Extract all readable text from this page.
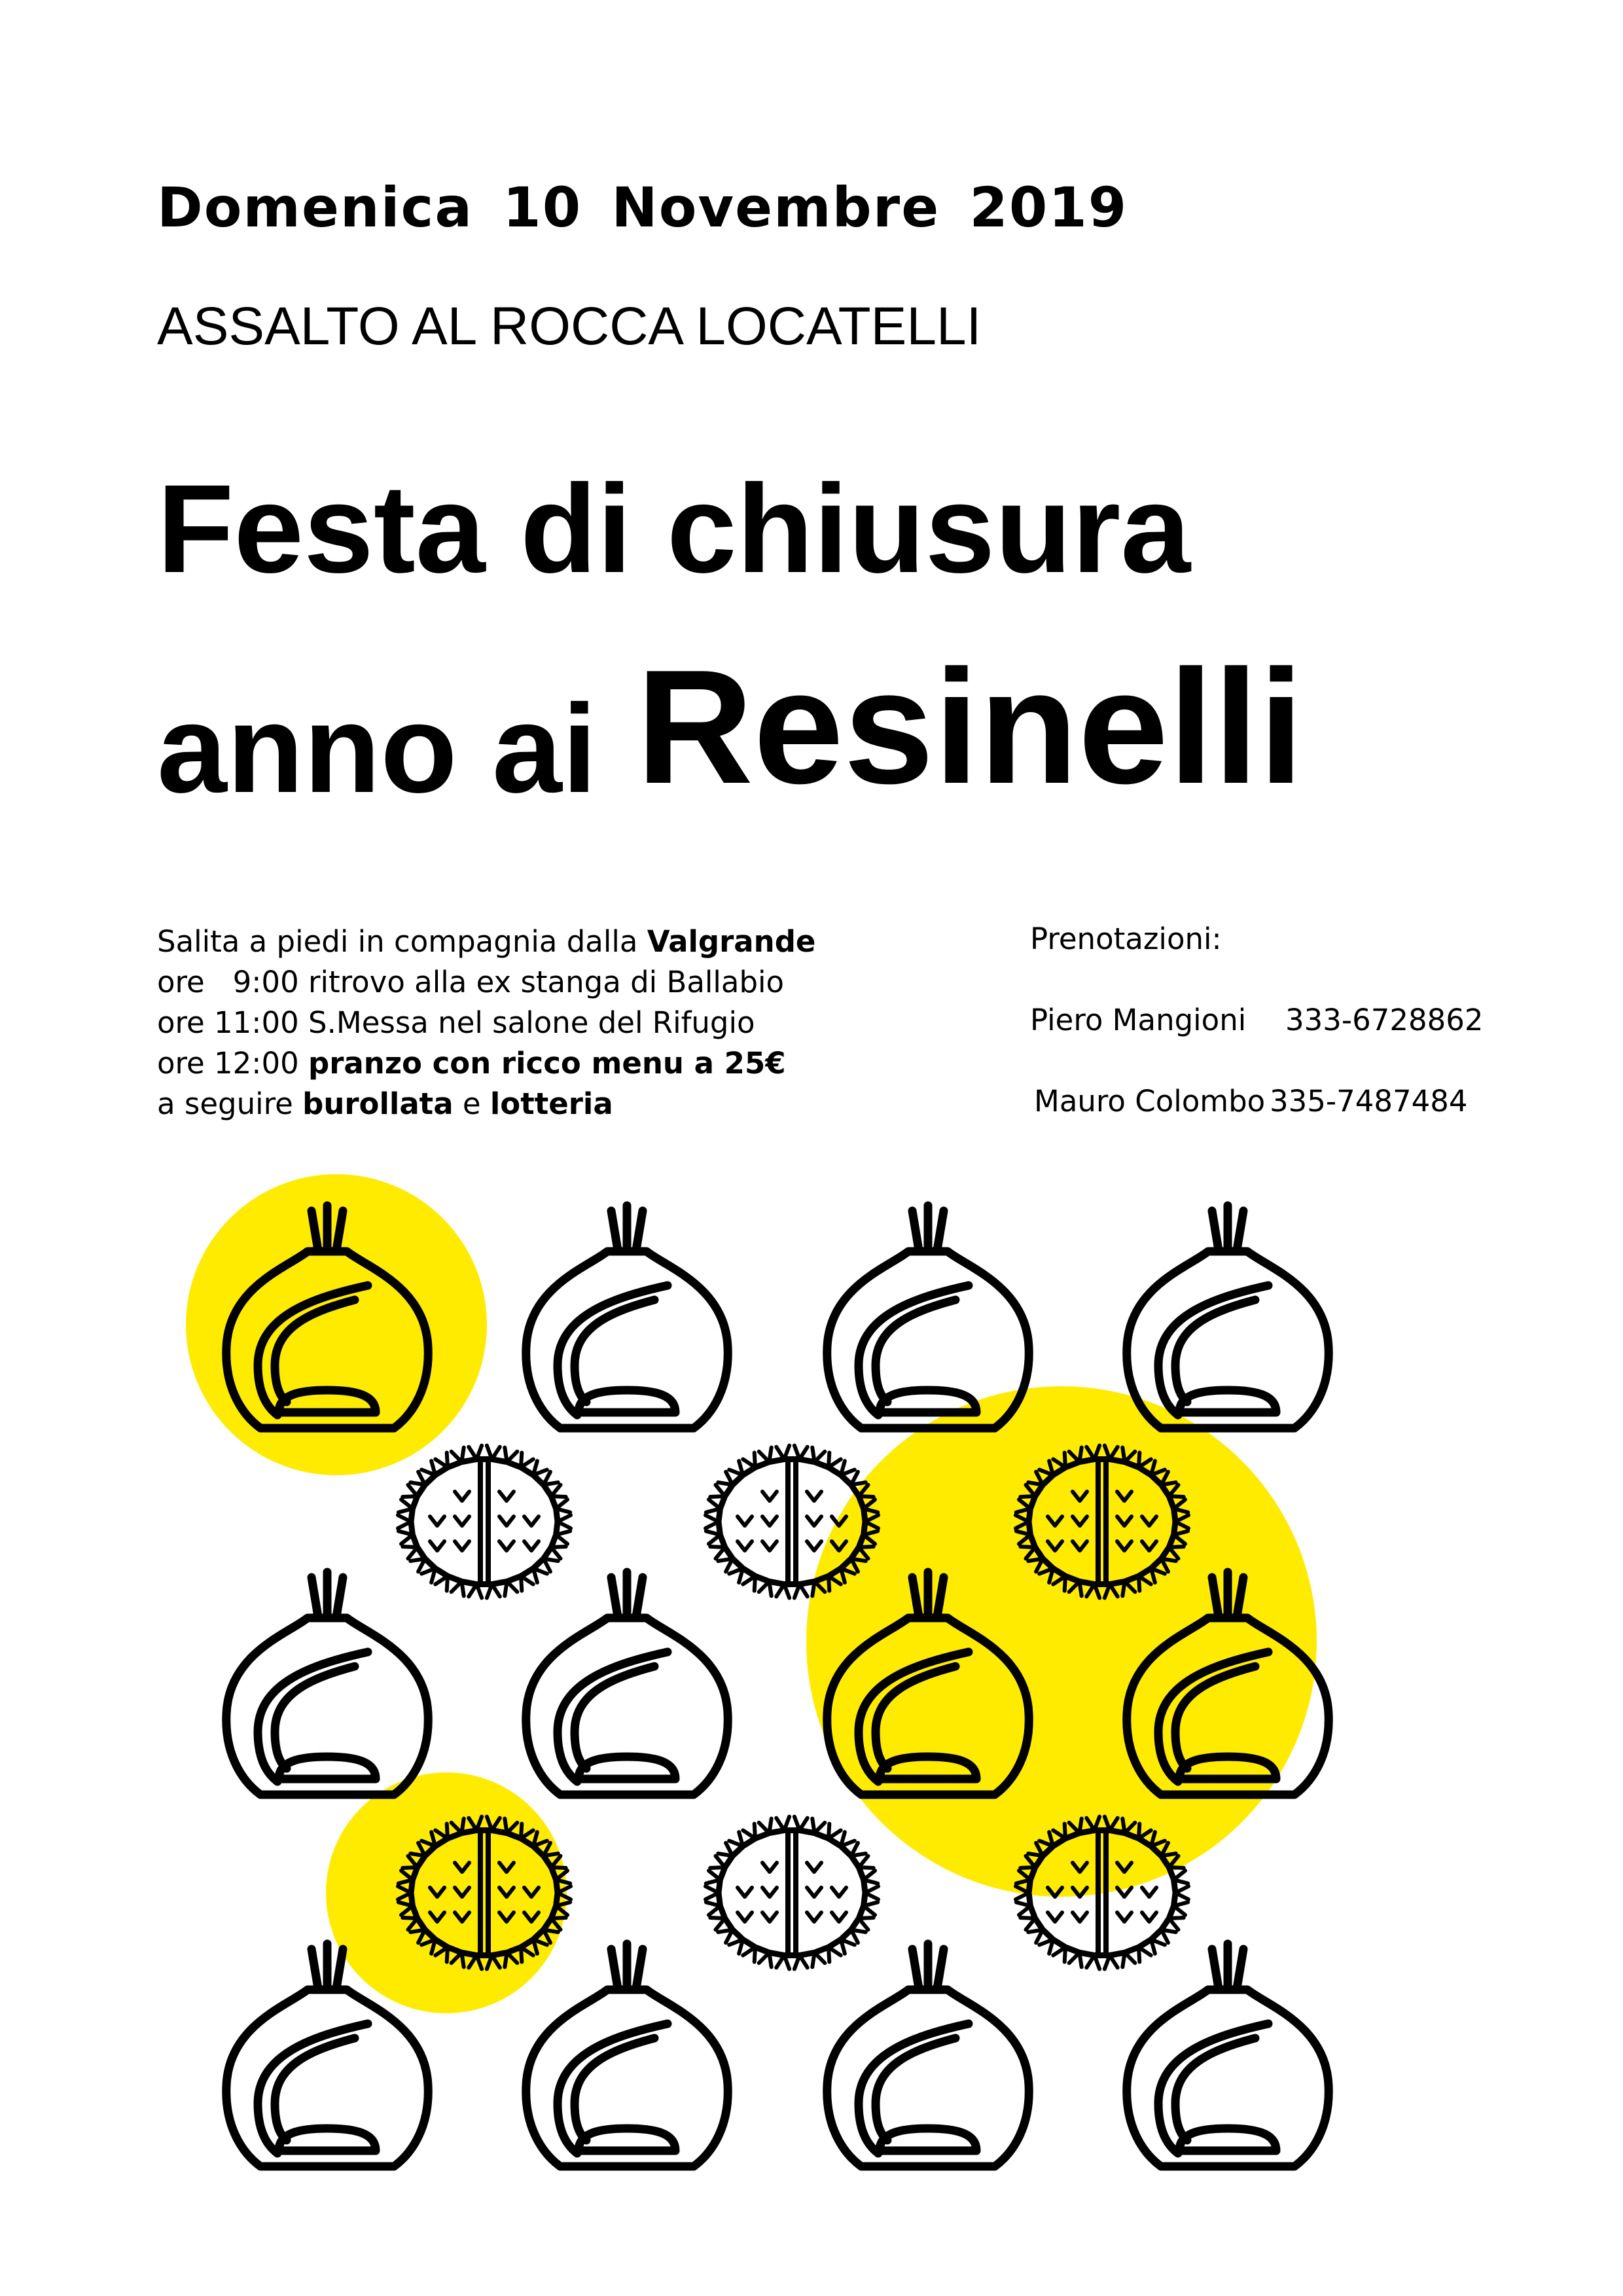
Domenica 10 Novembre 2019
ASSALTO AL ROCCA LOCATELLI
Festa di chiusura
anno ai Resinelli
Salita a piedi in compagnia dalla Valgrande
ore   9:00 ritrovo alla ex stanga di Ballabio
ore 11:00 S.Messa nel salone del Rifugio
ore 12:00 pranzo con ricco menu a 25€
a seguire burollata e lotteria
Prenotazioni:
Piero Mangioni 333-6728862
Mauro Colombo 335-7487484
